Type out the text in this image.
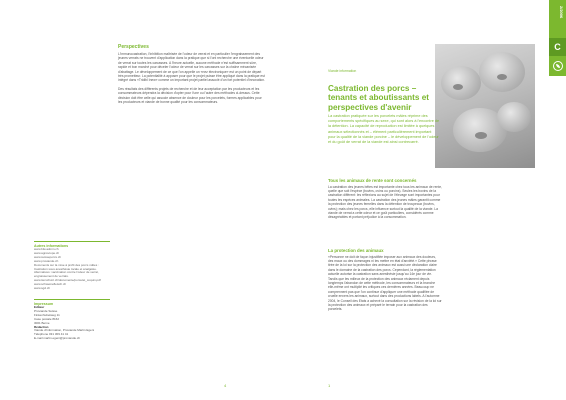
Perspectives

L'immunocastration, l'inhibition maîtrisée de l'odeur de verrat et en particulier l'engraissement des jeunes verrats ne trouvent d'application dans la pratique que si l'ont recherche une éventuelle odeur de verrat sur toutes les carcasses. A l'heure actuelle, aucune méthode n'est suffisamment sûre, rapide et bon marché pour déceler l'odeur de verrat sur les carcasses sur la chaîne mécanisée d'abattage. Le développement de ce que l'on appelle un «nez électronique» est un point de départ très prometteur. La potentialité à apposer pour que le projet puisse être appliqué dans la pratique est intégré dans «Tridibl Inew» comme un important projet partiel associé d'un fort potentiel d'innovation.

Des résultats des différents projets de recherche et de leur acceptation par les producteurs et les consommateurs dépendra la décision d'opter pour l'une ou l'autre des méthodes ci-dessus. Cette décision doit être celle qui associe absence de douleur pour les porcelets, formes applicables pour les producteurs et viande de bonne qualité pour les consommateurs.

Autres informations
www.blw.admin.ch
www.agroscope.ch
www.suisseporcs.ch
www.proviande.ch
Documents sur la mise à profit des porcs mâles :
Castration sous anesthésie locale et analgésie.
Alternatives: vaccination contre l'odeur de verrat,
engraissement de verrats.
www.tierschutz.ch/documente/porcelet_coquin.pdf
www.schweinefleisch.ch
www.sgd.ch
Impressum
Editeur
Proviande Suisse
Finkenhubelweg 11
Case postale 8162
3001 Berne
Rédaction
Viande d'information, Proviande Martin Egeni
Téléphone 031 309 41 41
E-mail martin.egeni@proviande.ch
4
Viande information
Castration des porcs – tenants et aboutissants et perspectives d'avenir

La castration pratiquée sur les porcelets mâles réprime des comportements spécifiques au sexe, qui sont alors à l'encontre de la détention. La capacité de reproduction est limitée à quelques animaux sélectionnés et – élément particulièrement important pour la qualité de la viande porcine – le développement de l'odeur et du goût de verrat de la viande est ainsi contrecarré.

Tous les animaux de rente sont concernés

La castration des jeunes bêtes est importante chez tous les animaux de rente, quelle que soit l'espèce (bovins, ovins ou porcins). Seules les bovins de la castration diffèrent: les réflexions au sujet de l'élevage sont importantes pour toutes les espèces animales. La castration des jeunes mâles garantit comme la protection des jeunes femelles dans la détention de troupeaux (bovins, ovins); mais chez les porcs, elle influence surtout la qualité de la viande. La viande de verrat a cette odeur et ce goût particuliers, considérés comme désagréables et portant préjudice à la consommation.

La protection des animaux

«Personne ne doit de façon injustifiée imposer aux animaux des douleurs, des maux ou des dommages ni les mettre en état d'anxiété.» Cette phrase tirée de la loi sur la protection des animaux est aussi une déclaration claire dans le domaine de la castration des porcs. Cependant, la réglementation actuelle autorise la castration sans anesthésie jusqu'au 14e jour de vie. Tandis que les milieux de la protection des animaux réclament depuis longtemps l'abandon de cette méthode, les consommateurs et la branche elle-même ont multiplié les critiques ces dernières années. Beaucoup ne comprennent pas que l'on continue d'appliquer une méthode qualifiée de cruelle envers les animaux, surtout dans des productions labels. A l'automne 2004, le Conseil des Etats a achevé la consultation sur la révision de la loi sur la protection des animaux et préparé le terrain pour la castration des porcelets.

2/2006
C
1
